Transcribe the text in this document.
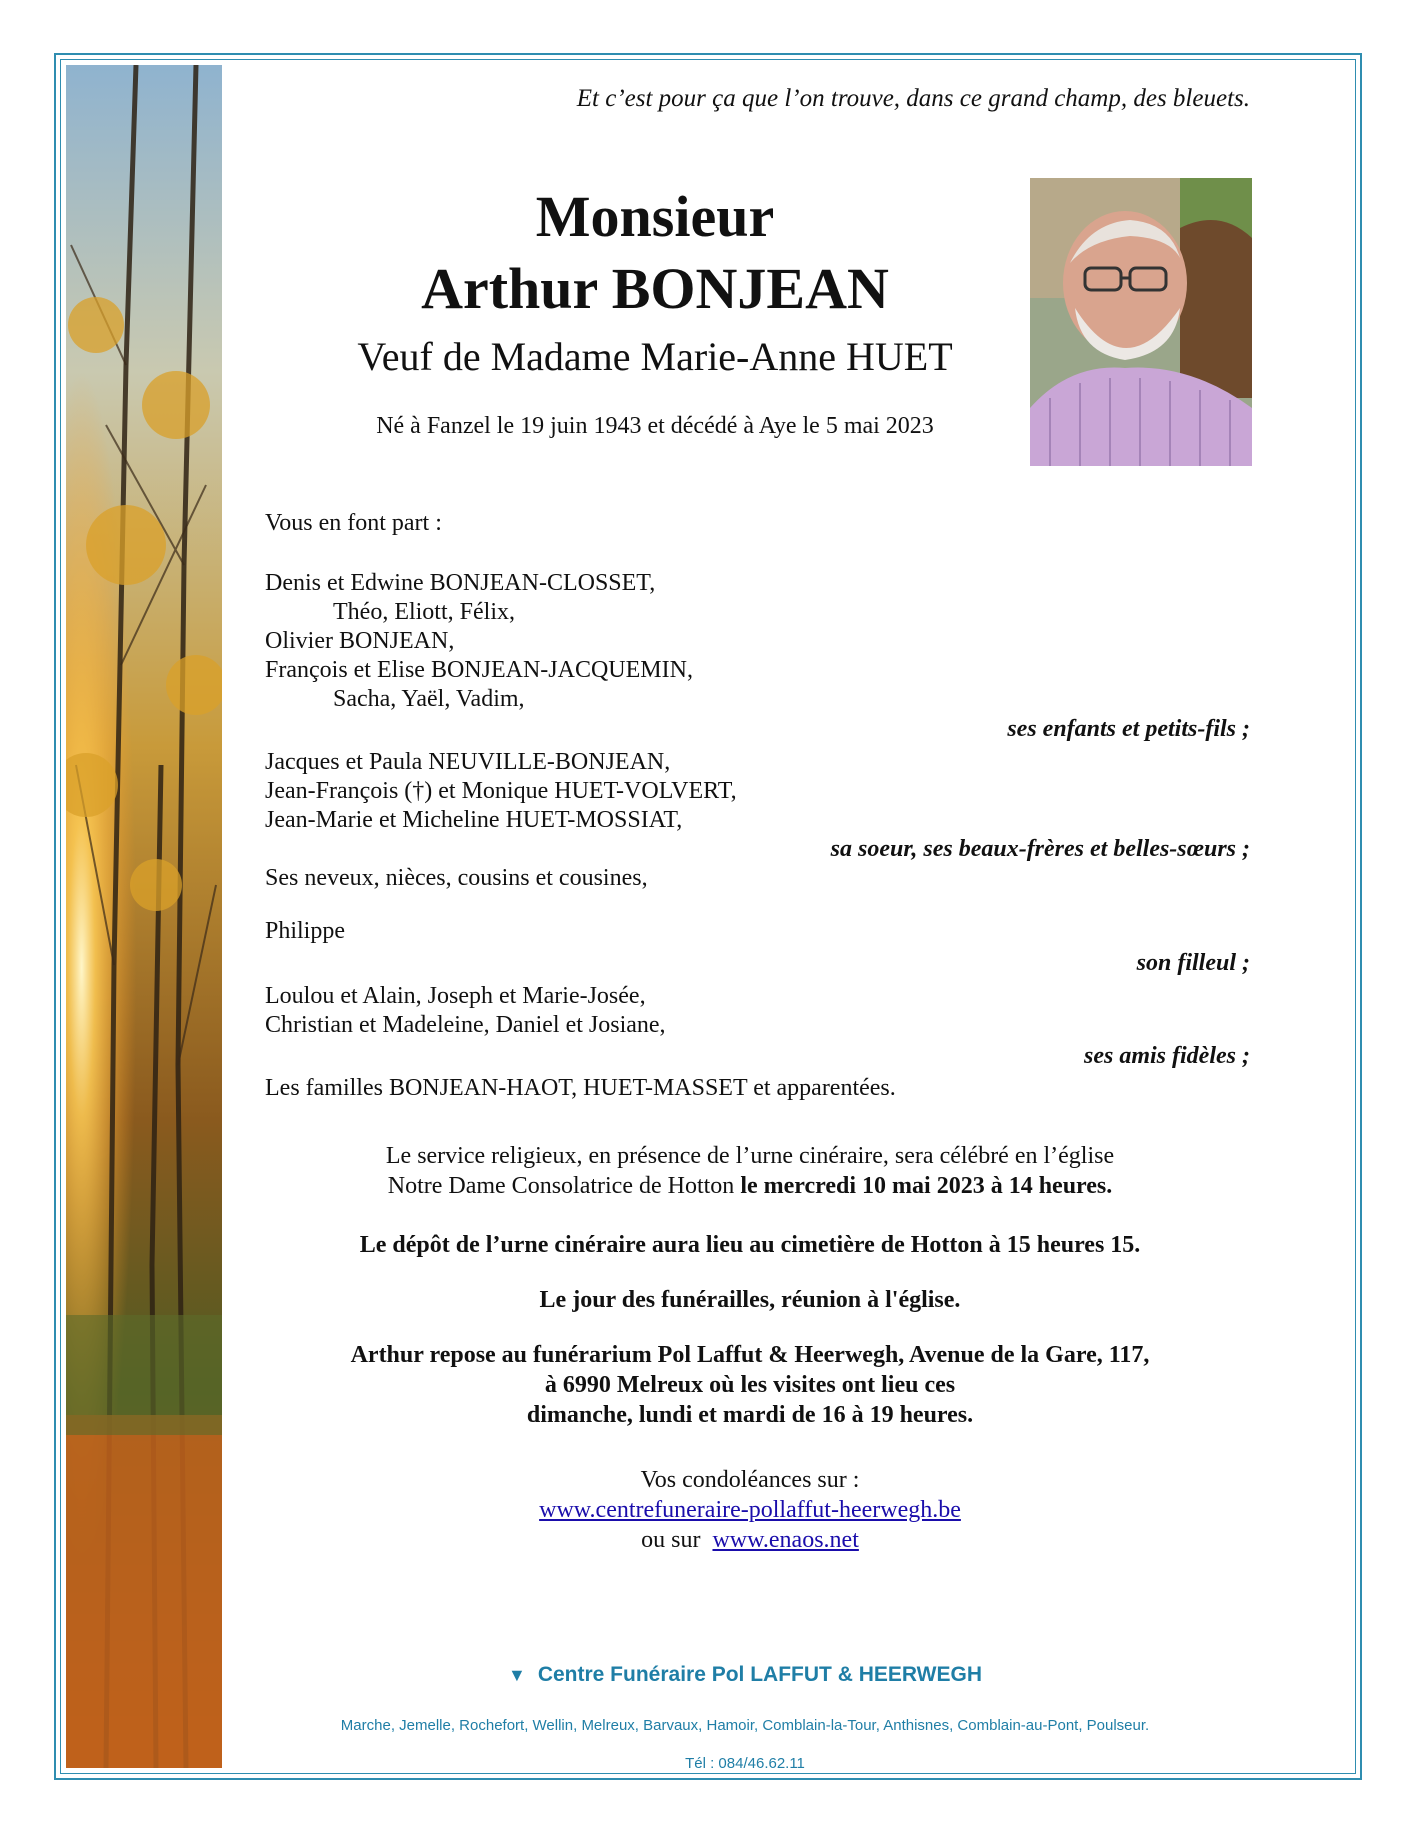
Et c’est pour ça que l’on trouve, dans ce grand champ, des bleuets.
Monsieur
Arthur BONJEAN
Veuf de Madame Marie-Anne HUET
Né à Fanzel le 19 juin 1943 et décédé à Aye le 5 mai 2023
Vous en font part :
Denis et Edwine BONJEAN-CLOSSET,
Théo, Eliott, Félix,
Olivier BONJEAN,
François et Elise BONJEAN-JACQUEMIN,
Sacha, Yaël, Vadim,
ses enfants et petits-fils ;
Jacques et Paula NEUVILLE-BONJEAN,
Jean-François (†) et Monique HUET-VOLVERT,
Jean-Marie et Micheline HUET-MOSSIAT,
sa soeur, ses beaux-frères et belles-sœurs ;
Ses neveux, nièces, cousins et cousines,
Philippe
son filleul ;
Loulou et Alain, Joseph et Marie-Josée,
Christian et Madeleine, Daniel et Josiane,
ses amis fidèles ;
Les familles BONJEAN-HAOT, HUET-MASSET et apparentées.
Le service religieux, en présence de l’urne cinéraire, sera célébré en l’église
Notre Dame Consolatrice de Hotton le mercredi 10 mai 2023 à 14 heures.
Le dépôt de l’urne cinéraire aura lieu au cimetière de Hotton à 15 heures 15.
Le jour des funérailles, réunion à l'église.
Arthur repose au funérarium Pol Laffut & Heerwegh, Avenue de la Gare, 117,
à 6990 Melreux où les visites ont lieu ces
dimanche, lundi et mardi de 16 à 19 heures.
Vos condoléances sur :
www.centrefuneraire-pollaffut-heerwegh.be
ou sur www.enaos.net
▼ Centre Funéraire Pol LAFFUT & HEERWEGH
Marche, Jemelle, Rochefort, Wellin, Melreux, Barvaux, Hamoir, Comblain-la-Tour, Anthisnes, Comblain-au-Pont, Poulseur.
Tél : 084/46.62.11
